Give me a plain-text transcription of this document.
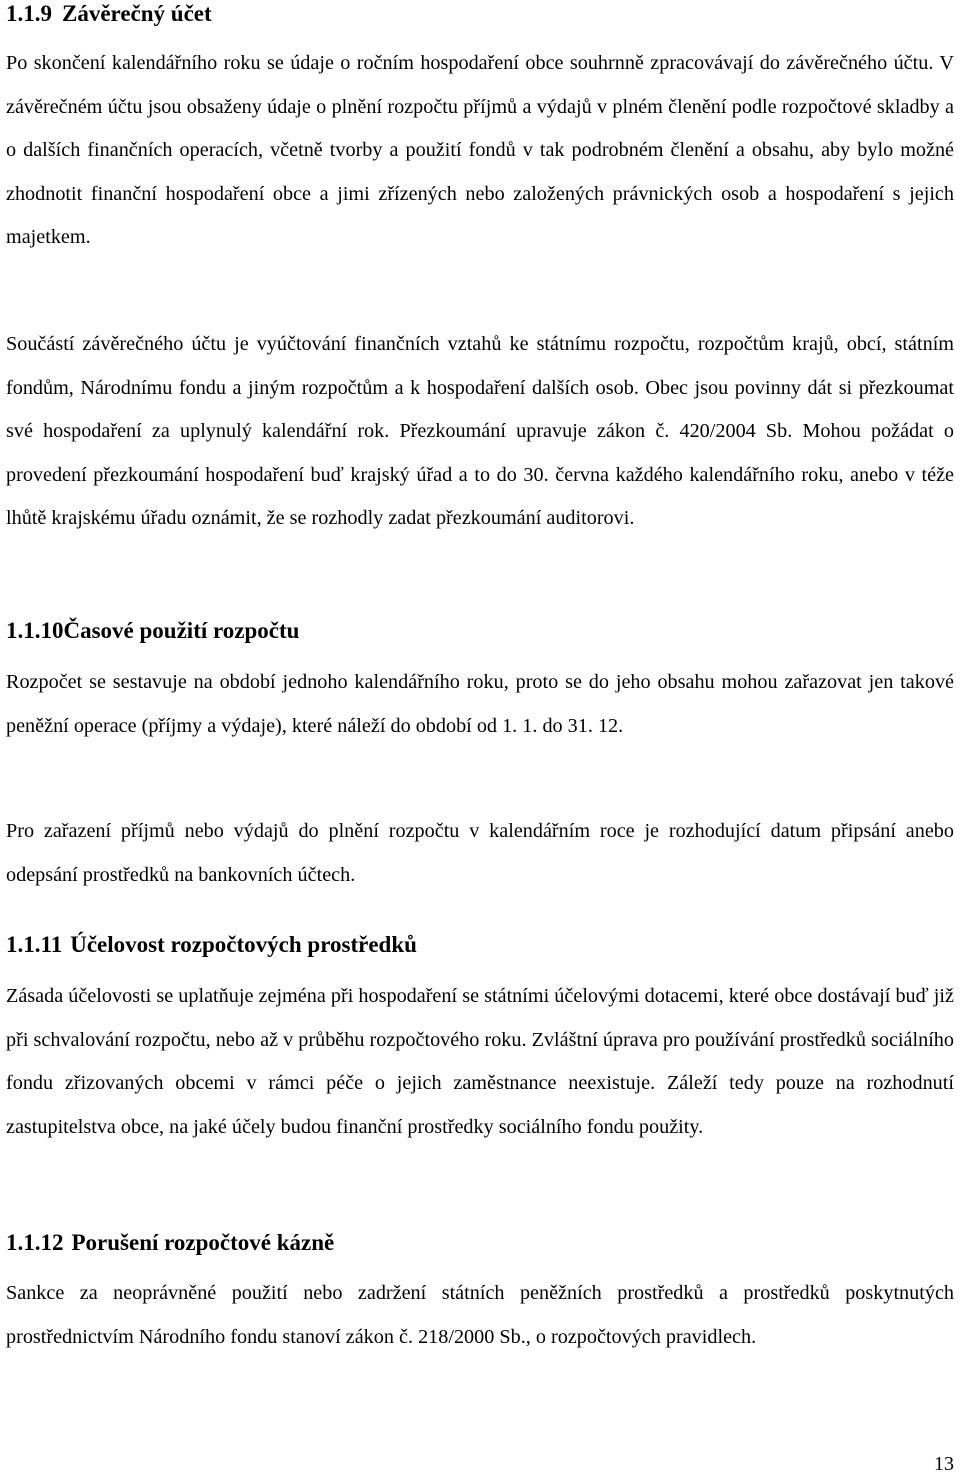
1.1.9 Závěrečný účet

Po skončení kalendářního roku se údaje o ročním hospodaření obce souhrnně zpracovávají do závěrečného účtu. V závěrečném účtu jsou obsaženy údaje o plnění rozpočtu příjmů a výdajů v plném členění podle rozpočtové skladby a o dalších finančních operacích, včetně tvorby a použití fondů v tak podrobném členění a obsahu, aby bylo možné zhodnotit finanční hospodaření obce a jimi zřízených nebo založených právnických osob a hospodaření s jejich majetkem.

Součástí závěrečného účtu je vyúčtování finančních vztahů ke státnímu rozpočtu, rozpočtům krajů, obcí, státním fondům, Národnímu fondu a jiným rozpočtům a k hospodaření dalších osob. Obec jsou povinny dát si přezkoumat své hospodaření za uplynulý kalendářní rok. Přezkoumání upravuje zákon č. 420/2004 Sb. Mohou požádat o provedení přezkoumání hospodaření buď krajský úřad a to do 30. června každého kalendářního roku, anebo v téže lhůtě krajskému úřadu oznámit, že se rozhodly zadat přezkoumání auditorovi.

1.1.10Časové použití rozpočtu

Rozpočet se sestavuje na období jednoho kalendářního roku, proto se do jeho obsahu mohou zařazovat jen takové peněžní operace (příjmy a výdaje), které náleží do období od 1. 1. do 31. 12.

Pro zařazení příjmů nebo výdajů do plnění rozpočtu v kalendářním roce je rozhodující datum připsání anebo odepsání prostředků na bankovních účtech.

1.1.11 Účelovost rozpočtových prostředků

Zásada účelovosti se uplatňuje zejména při hospodaření se státními účelovými dotacemi, které obce dostávají buď již při schvalování rozpočtu, nebo až v průběhu rozpočtového roku. Zvláštní úprava pro používání prostředků sociálního fondu zřizovaných obcemi v rámci péče o jejich zaměstnance neexistuje. Záleží tedy pouze na rozhodnutí zastupitelstva obce, na jaké účely budou finanční prostředky sociálního fondu použity.

1.1.12 Porušení rozpočtové kázně

Sankce za neoprávněné použití nebo zadržení státních peněžních prostředků a prostředků poskytnutých prostřednictvím Národního fondu stanoví zákon č. 218/2000 Sb., o rozpočtových pravidlech.

13
